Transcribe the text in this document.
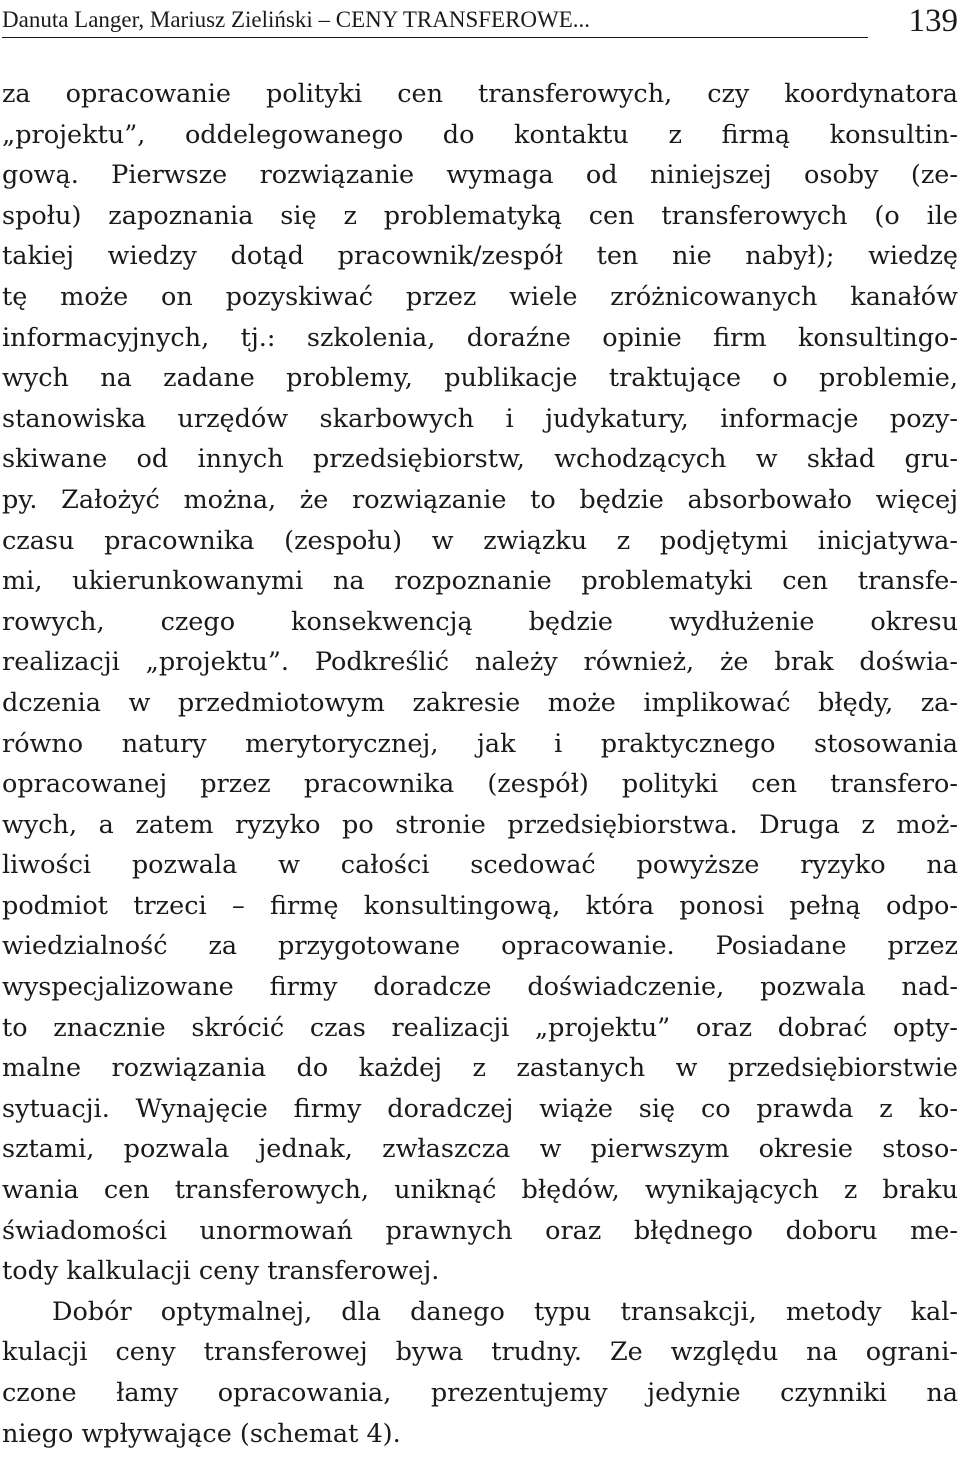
Danuta Langer, Mariusz Zieliński – CENY TRANSFEROWE...	139
za opracowanie polityki cen transferowych, czy koordynatora
„projektu”, oddelegowanego do kontaktu z firmą konsultin-
gową. Pierwsze rozwiązanie wymaga od niniejszej osoby (ze-
społu) zapoznania się z problematyką cen transferowych (o ile
takiej wiedzy dotąd pracownik/zespół ten nie nabył); wiedzę
tę może on pozyskiwać przez wiele zróżnicowanych kanałów
informacyjnych, tj.: szkolenia, doraźne opinie firm konsultingo-
wych na zadane problemy, publikacje traktujące o problemie,
stanowiska urzędów skarbowych i judykatury, informacje pozy-
skiwane od innych przedsiębiorstw, wchodzących w skład gru-
py. Założyć można, że rozwiązanie to będzie absorbowało więcej
czasu pracownika (zespołu) w związku z podjętymi inicjatywa-
mi, ukierunkowanymi na rozpoznanie problematyki cen transfe-
rowych, czego konsekwencją będzie wydłużenie okresu
realizacji „projektu”. Podkreślić należy również, że brak doświa-
dczenia w przedmiotowym zakresie może implikować błędy, za-
równo natury merytorycznej, jak i praktycznego stosowania
opracowanej przez pracownika (zespół) polityki cen transfero-
wych, a zatem ryzyko po stronie przedsiębiorstwa. Druga z moż-
liwości pozwala w całości scedować powyższe ryzyko na
podmiot trzeci – firmę konsultingową, która ponosi pełną odpo-
wiedzialność za przygotowane opracowanie. Posiadane przez
wyspecjalizowane firmy doradcze doświadczenie, pozwala nad-
to znacznie skrócić czas realizacji „projektu” oraz dobrać opty-
malne rozwiązania do każdej z zastanych w przedsiębiorstwie
sytuacji. Wynajęcie firmy doradczej wiąże się co prawda z ko-
sztami, pozwala jednak, zwłaszcza w pierwszym okresie stoso-
wania cen transferowych, uniknąć błędów, wynikających z braku
świadomości unormowań prawnych oraz błędnego doboru me-
tody kalkulacji ceny transferowej.
Dobór optymalnej, dla danego typu transakcji, metody kal-
kulacji ceny transferowej bywa trudny. Ze względu na ograni-
czone łamy opracowania, prezentujemy jedynie czynniki na
niego wpływające (schemat 4).
